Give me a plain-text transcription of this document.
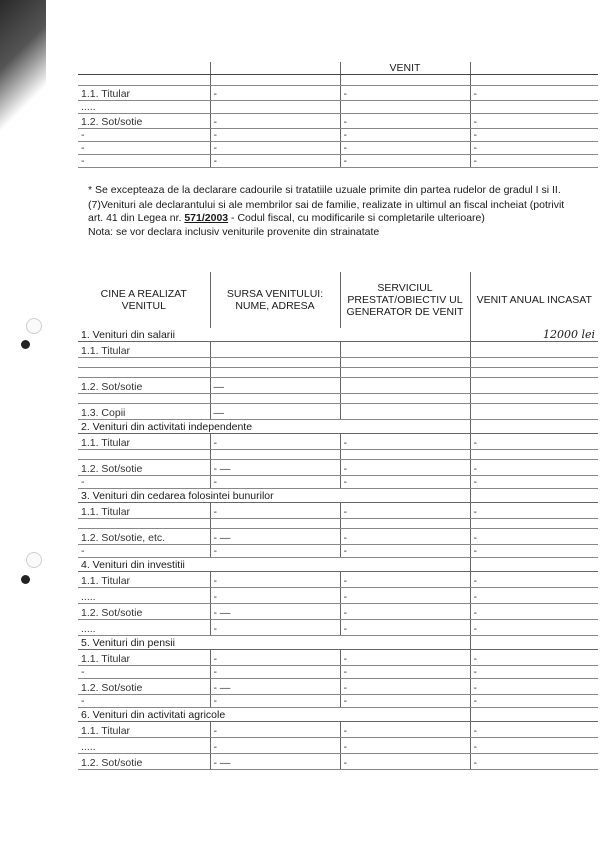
		VENIT	

1.1. Titular	-	-	-
.....			
1.2. Sot/sotie	-	-	-
-	-	-	-
-	-	-	-
-	-	-	-

* Se excepteaza de la declarare cadourile si tratatiile uzuale primite din partea rudelor de gradul I si II.

(7)Venituri ale declarantului si ale membrilor sai de familie, realizate in ultimul an fiscal incheiat (potrivit art. 41 din Legea nr. 571/2003 - Codul fiscal, cu modificarile si completarile ulterioare)

Nota: se vor declara inclusiv veniturile provenite din strainatate

CINE A REALIZAT VENITUL	SURSA VENITULUI: NUME, ADRESA	SERVICIUL PRESTAT/OBIECTIV UL GENERATOR DE VENIT	VENIT ANUAL INCASAT
1. Venituri din salarii			12000 lei
1.1. Titular			

1.2. Sot/sotie	—		

1.3. Copii	—		
2. Venituri din activitati independente			
1.1. Titular	-	-	-

1.2. Sot/sotie	- —	-	-
-	-	-	-
3. Venituri din cedarea folosintei bunurilor			
1.1. Titular	-	-	-

1.2. Sot/sotie, etc.	- —	-	-
-	-	-	-
4. Venituri din investitii			
1.1. Titular	-	-	-
.....	-	-	-
1.2. Sot/sotie	- —	-	-
.....	-	-	-
5. Venituri din pensii			
1.1. Titular	-	-	-
-	-	-	-
1.2. Sot/sotie	- —	-	-
-	-	-	-
6. Venituri din activitati agricole			
1.1. Titular	-	-	-
.....	-	-	-
1.2. Sot/sotie	- —	-	-
